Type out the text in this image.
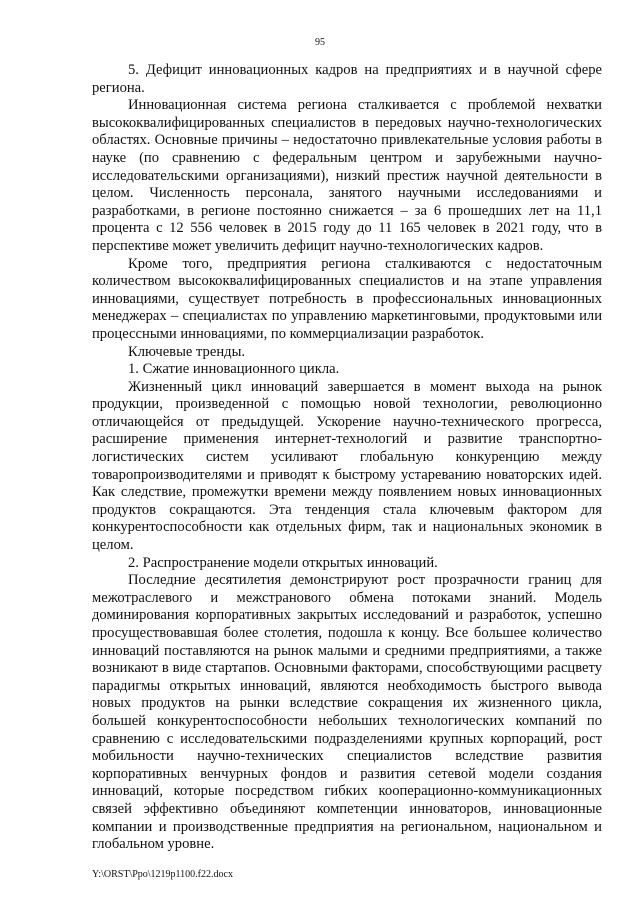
95

5. Дефицит инновационных кадров на предприятиях и в научной сфере региона.

Инновационная система региона сталкивается с проблемой нехватки высококвалифицированных специалистов в передовых научно-технологических областях. Основные причины – недостаточно привлекательные условия работы в науке (по сравнению с федеральным центром и зарубежными научно-исследовательскими организациями), низкий престиж научной деятельности в целом. Численность персонала, занятого научными исследованиями и разработками, в регионе постоянно снижается – за 6 прошедших лет на 11,1 процента с 12 556 человек в 2015 году до 11 165 человек в 2021 году, что в перспективе может увеличить дефицит научно-технологических кадров.

Кроме того, предприятия региона сталкиваются с недостаточным количеством высококвалифицированных специалистов и на этапе управления инновациями, существует потребность в профессиональных инновационных менеджерах – специалистах по управлению маркетинговыми, продуктовыми или процессными инновациями, по коммерциализации разработок.

Ключевые тренды.

1. Сжатие инновационного цикла.

Жизненный цикл инноваций завершается в момент выхода на рынок продукции, произведенной с помощью новой технологии, революционно отличающейся от предыдущей. Ускорение научно-технического прогресса, расширение применения интернет-технологий и развитие транспортно-логистических систем усиливают глобальную конкуренцию между товаропроизводителями и приводят к быстрому устареванию новаторских идей. Как следствие, промежутки времени между появлением новых инновационных продуктов сокращаются. Эта тенденция стала ключевым фактором для конкурентоспособности как отдельных фирм, так и национальных экономик в целом.

2. Распространение модели открытых инноваций.

Последние десятилетия демонстрируют рост прозрачности границ для межотраслевого и межстранового обмена потоками знаний. Модель доминирования корпоративных закрытых исследований и разработок, успешно просуществовавшая более столетия, подошла к концу. Все большее количество инноваций поставляются на рынок малыми и средними предприятиями, а также возникают в виде стартапов. Основными факторами, способствующими расцвету парадигмы открытых инноваций, являются необходимость быстрого вывода новых продуктов на рынки вследствие сокращения их жизненного цикла, большей конкурентоспособности небольших технологических компаний по сравнению с исследовательскими подразделениями крупных корпораций, рост мобильности научно-технических специалистов вследствие развития корпоративных венчурных фондов и развития сетевой модели создания инноваций, которые посредством гибких кооперационно-коммуникационных связей эффективно объединяют компетенции инноваторов, инновационные компании и производственные предприятия на региональном, национальном и глобальном уровне.

Y:\ORST\Ppo\1219p1100.f22.docx
